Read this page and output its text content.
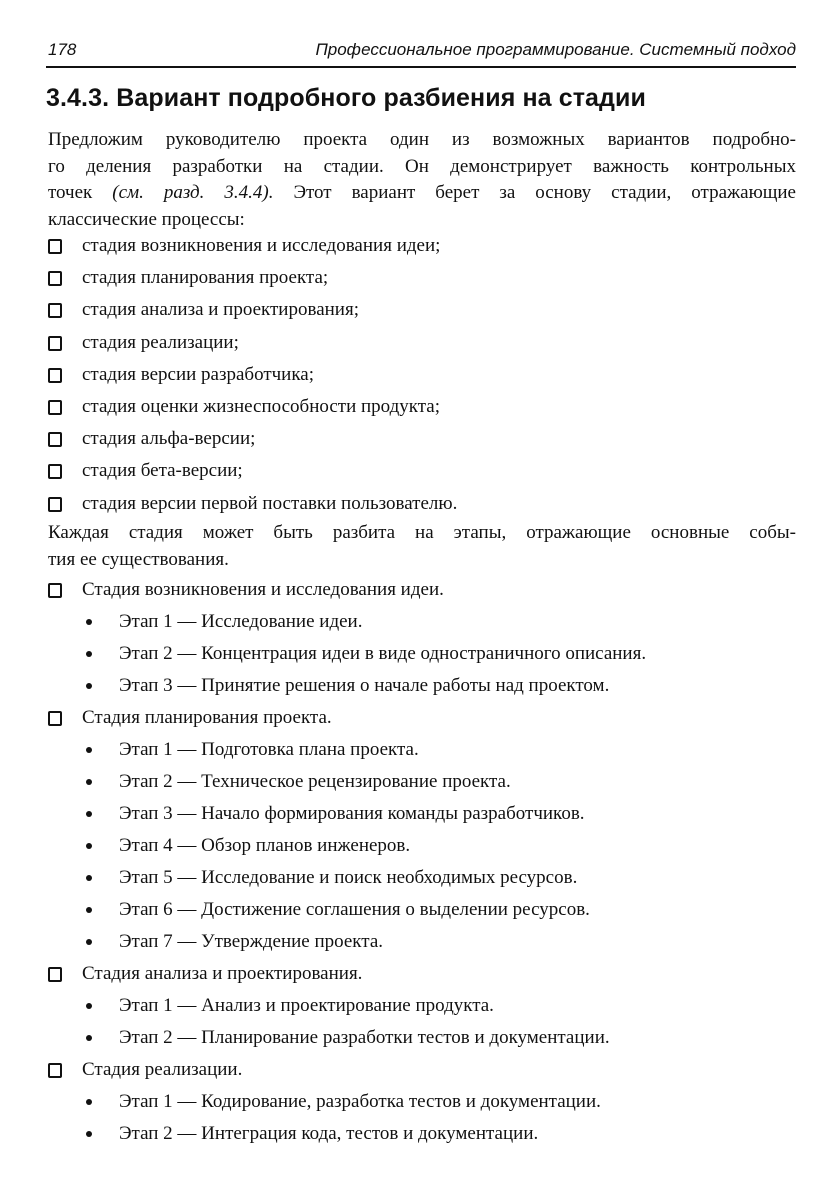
178	Профессиональное программирование. Системный подход
3.4.3. Вариант подробного разбиения на стадии

Предложим руководителю проекта один из возможных вариантов подробно-
го деления разработки на стадии. Он демонстрирует важность контрольных
точек (см. разд. 3.4.4). Этот вариант берет за основу стадии, отражающие
классические процессы:

стадия возникновения и исследования идеи;
стадия планирования проекта;
стадия анализа и проектирования;
стадия реализации;
стадия версии разработчика;
стадия оценки жизнеспособности продукта;
стадия альфа-версии;
стадия бета-версии;
стадия версии первой поставки пользователю.

Каждая стадия может быть разбита на этапы, отражающие основные собы-
тия ее существования.

Стадия возникновения и исследования идеи.
Этап 1 — Исследование идеи.
Этап 2 — Концентрация идеи в виде одностраничного описания.
Этап 3 — Принятие решения о начале работы над проектом.
Стадия планирования проекта.
Этап 1 — Подготовка плана проекта.
Этап 2 — Техническое рецензирование проекта.
Этап 3 — Начало формирования команды разработчиков.
Этап 4 — Обзор планов инженеров.
Этап 5 — Исследование и поиск необходимых ресурсов.
Этап 6 — Достижение соглашения о выделении ресурсов.
Этап 7 — Утверждение проекта.
Стадия анализа и проектирования.
Этап 1 — Анализ и проектирование продукта.
Этап 2 — Планирование разработки тестов и документации.
Стадия реализации.
Этап 1 — Кодирование, разработка тестов и документации.
Этап 2 — Интеграция кода, тестов и документации.
